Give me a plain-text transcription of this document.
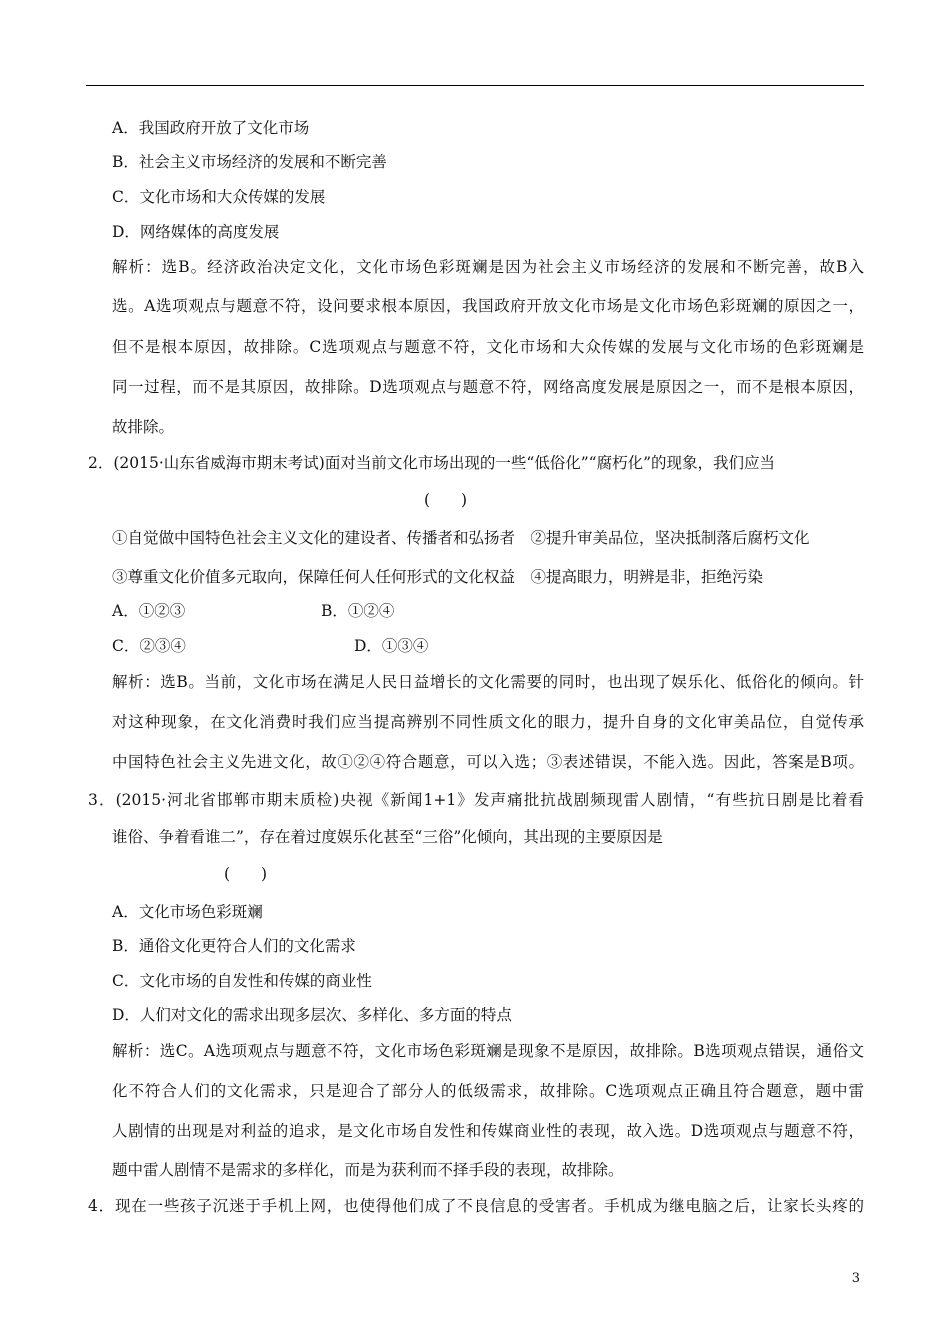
A．我国政府开放了文化市场
B．社会主义市场经济的发展和不断完善
C．文化市场和大众传媒的发展
D．网络媒体的高度发展
解析：选B。经济政治决定文化，文化市场色彩斑斓是因为社会主义市场经济的发展和不断完善，故B入
选。A选项观点与题意不符，设问要求根本原因，我国政府开放文化市场是文化市场色彩斑斓的原因之一，
但不是根本原因，故排除。C选项观点与题意不符，文化市场和大众传媒的发展与文化市场的色彩斑斓是
同一过程，而不是其原因，故排除。D选项观点与题意不符，网络高度发展是原因之一，而不是根本原因，
故排除。
2．(2015·山东省威海市期末考试)面对当前文化市场出现的一些“低俗化”“腐朽化”的现象，我们应当
(　　)
①自觉做中国特色社会主义文化的建设者、传播者和弘扬者　②提升审美品位，坚决抵制落后腐朽文化
③尊重文化价值多元取向，保障任何人任何形式的文化权益　④提高眼力，明辨是非，拒绝污染
A．①②③	B．①②④
C．②③④	D．①③④
解析：选B。当前，文化市场在满足人民日益增长的文化需要的同时，也出现了娱乐化、低俗化的倾向。针
对这种现象，在文化消费时我们应当提高辨别不同性质文化的眼力，提升自身的文化审美品位，自觉传承
中国特色社会主义先进文化，故①②④符合题意，可以入选；③表述错误，不能入选。因此，答案是B项。
3．(2015·河北省邯郸市期末质检)央视《新闻1+1》发声痛批抗战剧频现雷人剧情，“有些抗日剧是比着看
谁俗、争着看谁二”，存在着过度娱乐化甚至“三俗”化倾向，其出现的主要原因是
(　　)
A．文化市场色彩斑斓
B．通俗文化更符合人们的文化需求
C．文化市场的自发性和传媒的商业性
D．人们对文化的需求出现多层次、多样化、多方面的特点
解析：选C。A选项观点与题意不符，文化市场色彩斑斓是现象不是原因，故排除。B选项观点错误，通俗文
化不符合人们的文化需求，只是迎合了部分人的低级需求，故排除。C选项观点正确且符合题意，题中雷
人剧情的出现是对利益的追求，是文化市场自发性和传媒商业性的表现，故入选。D选项观点与题意不符，
题中雷人剧情不是需求的多样化，而是为获利而不择手段的表现，故排除。
4．现在一些孩子沉迷于手机上网，也使得他们成了不良信息的受害者。手机成为继电脑之后，让家长头疼的
3
